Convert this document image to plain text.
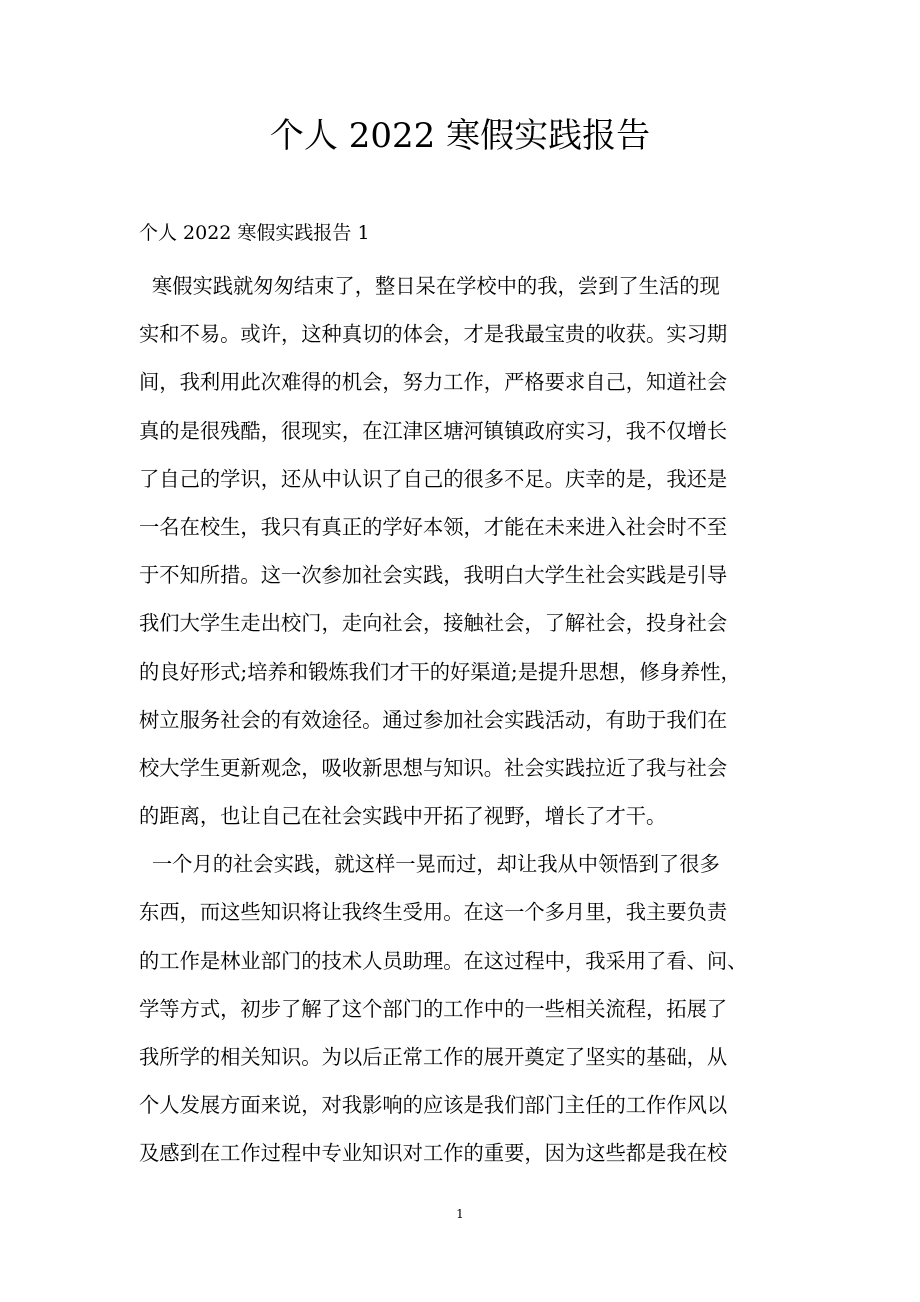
个人 2022 寒假实践报告

个人 2022 寒假实践报告 1

寒假实践就匆匆结束了，整日呆在学校中的我，尝到了生活的现

实和不易。或许，这种真切的体会，才是我最宝贵的收获。实习期

间，我利用此次难得的机会，努力工作，严格要求自己，知道社会

真的是很残酷，很现实，在江津区塘河镇镇政府实习，我不仅增长

了自己的学识，还从中认识了自己的很多不足。庆幸的是，我还是

一名在校生，我只有真正的学好本领，才能在未来进入社会时不至

于不知所措。这一次参加社会实践，我明白大学生社会实践是引导

我们大学生走出校门，走向社会，接触社会，了解社会，投身社会

的良好形式;培养和锻炼我们才干的好渠道;是提升思想，修身养性，

树立服务社会的有效途径。通过参加社会实践活动，有助于我们在

校大学生更新观念，吸收新思想与知识。社会实践拉近了我与社会

的距离，也让自己在社会实践中开拓了视野，增长了才干。

一个月的社会实践，就这样一晃而过，却让我从中领悟到了很多

东西，而这些知识将让我终生受用。在这一个多月里，我主要负责

的工作是林业部门的技术人员助理。在这过程中，我采用了看、问、

学等方式，初步了解了这个部门的工作中的一些相关流程，拓展了

我所学的相关知识。为以后正常工作的展开奠定了坚实的基础，从

个人发展方面来说，对我影响的应该是我们部门主任的工作作风以

及感到在工作过程中专业知识对工作的重要，因为这些都是我在校

1
